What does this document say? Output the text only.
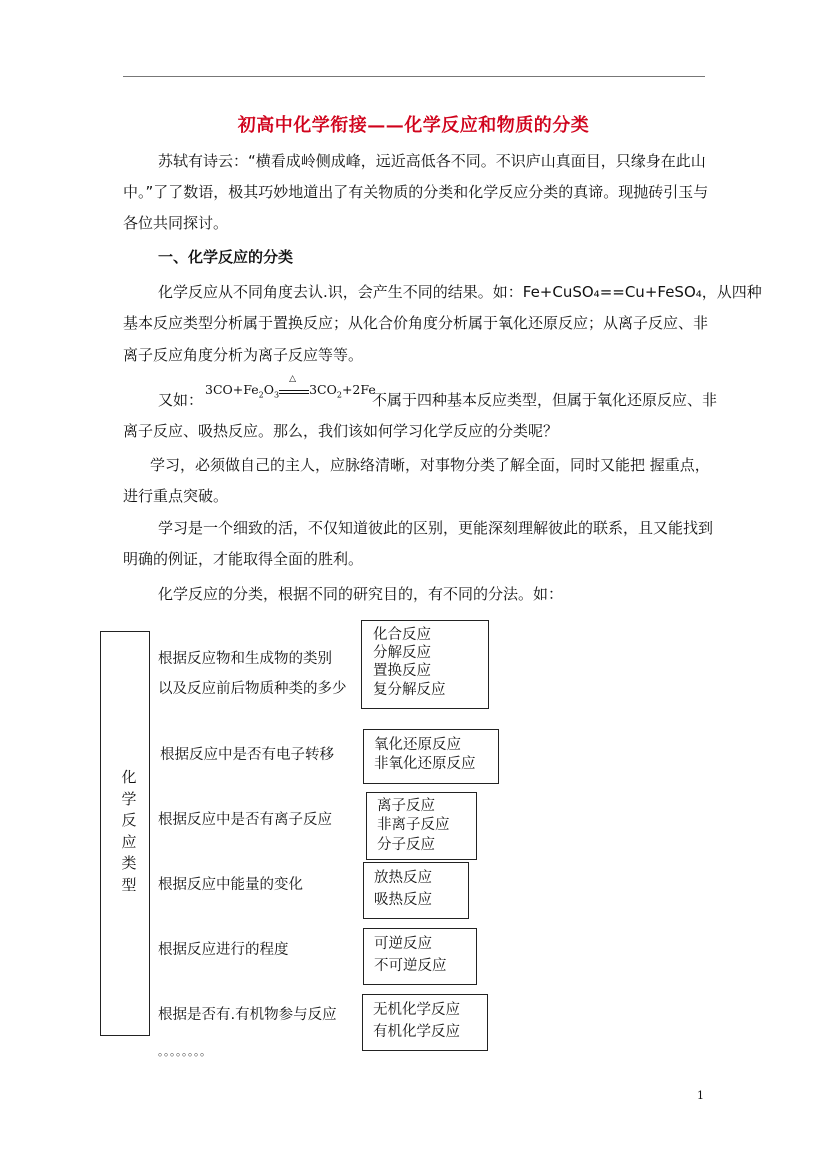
初高中化学衔接——化学反应和物质的分类
苏轼有诗云：“横看成岭侧成峰，远近高低各不同。不识庐山真面目，只缘身在此山
中。”了了数语，极其巧妙地道出了有关物质的分类和化学反应分类的真谛。现抛砖引玉与
各位共同探讨。
一、化学反应的分类
化学反应从不同角度去认.识，会产生不同的结果。如：Fe+CuSO₄==Cu+FeSO₄，从四种
基本反应类型分析属于置换反应；从化合价角度分析属于氧化还原反应；从离子反应、非
离子反应角度分析为离子反应等等。
又如：
$3CO+Fe_2O_3$
△
$3CO_2+2Fe$
不属于四种基本反应类型，但属于氧化还原反应、非
离子反应、吸热反应。那么，我们该如何学习化学反应的分类呢？
学习，必须做自己的主人，应脉络清晰，对事物分类了解全面，同时又能把 握重点，
进行重点突破。
学习是一个细致的活，不仅知道彼此的区别，更能深刻理解彼此的联系，且又能找到
明确的例证，才能取得全面的胜利。
化学反应的分类，根据不同的研究目的，有不同的分法。如：
化
学
反
应
类
型
根据反应物和生成物的类别
以及反应前后物质种类的多少
化合反应
分解反应
置换反应
复分解反应
根据反应中是否有电子转移
氧化还原反应
非氧化还原反应
根据反应中是否有离子反应
离子反应
非离子反应
分子反应
根据反应中能量的变化	放热反应
吸热反应
根据反应进行的程度	可逆反应
不可逆反应
根据是否有.有机物参与反应	无机化学反应
有机化学反应
。。。。。。。。
1
